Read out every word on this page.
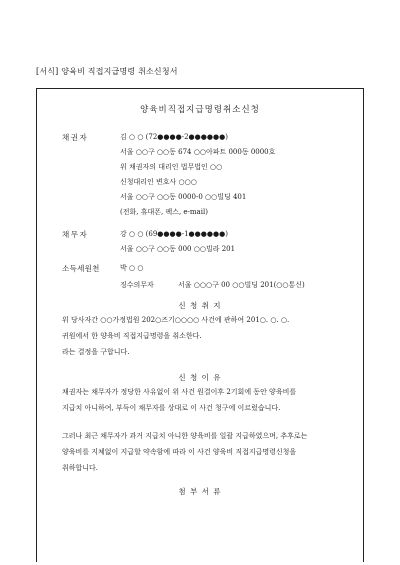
[서식] 양육비 직접지급명령 취소신청서
양육비직접지급명령취소신청
채권자	김 ○ ○ (72●●●●-2●●●●●●)
서울 ○○구 ○○동 674 ○○아파트 000동 0000호
위 채권자의 대리인 법무법인 ○○
신청대리인 변호사 ○○○
서울 ○○구 ○○동 0000-0 ○○빌딩 401
(전화, 휴대폰, 팩스, e-mail)
채무자	강 ○ ○ (69●●●●-1●●●●●●)
서울 ○○구 ○○동 000 ○○빌라 201
소득세원천	박 ○ ○
징수의무자	서울 ○○○구 00 ○○빌딩 201(○○통신)
신 청 취 지
위 당사자간 ○○가정법원 202○즈기○○○○ 사건에 관하여 201○. ○. ○.
귀원에서 한 양육비 직접지급명령을 취소한다.
라는 결정을 구합니다.
신 청 이 유
채권자는 채무자가 정당한 사유없이 위 사건 원결이후 2기회에 동안 양육비를
지급치 아니하여, 부득이 채무자를 상대로 이 사건 청구에 이르렀습니다.
그러나 최근 채무자가 과거 지급치 아니한 양육비를 일괄 지급하였으며, 추후로는
양육비를 지체없이 지급할 약속함에 따라 이 사건 양육비 직접지급명령신청을
취하합니다.
첨 부 서 류
